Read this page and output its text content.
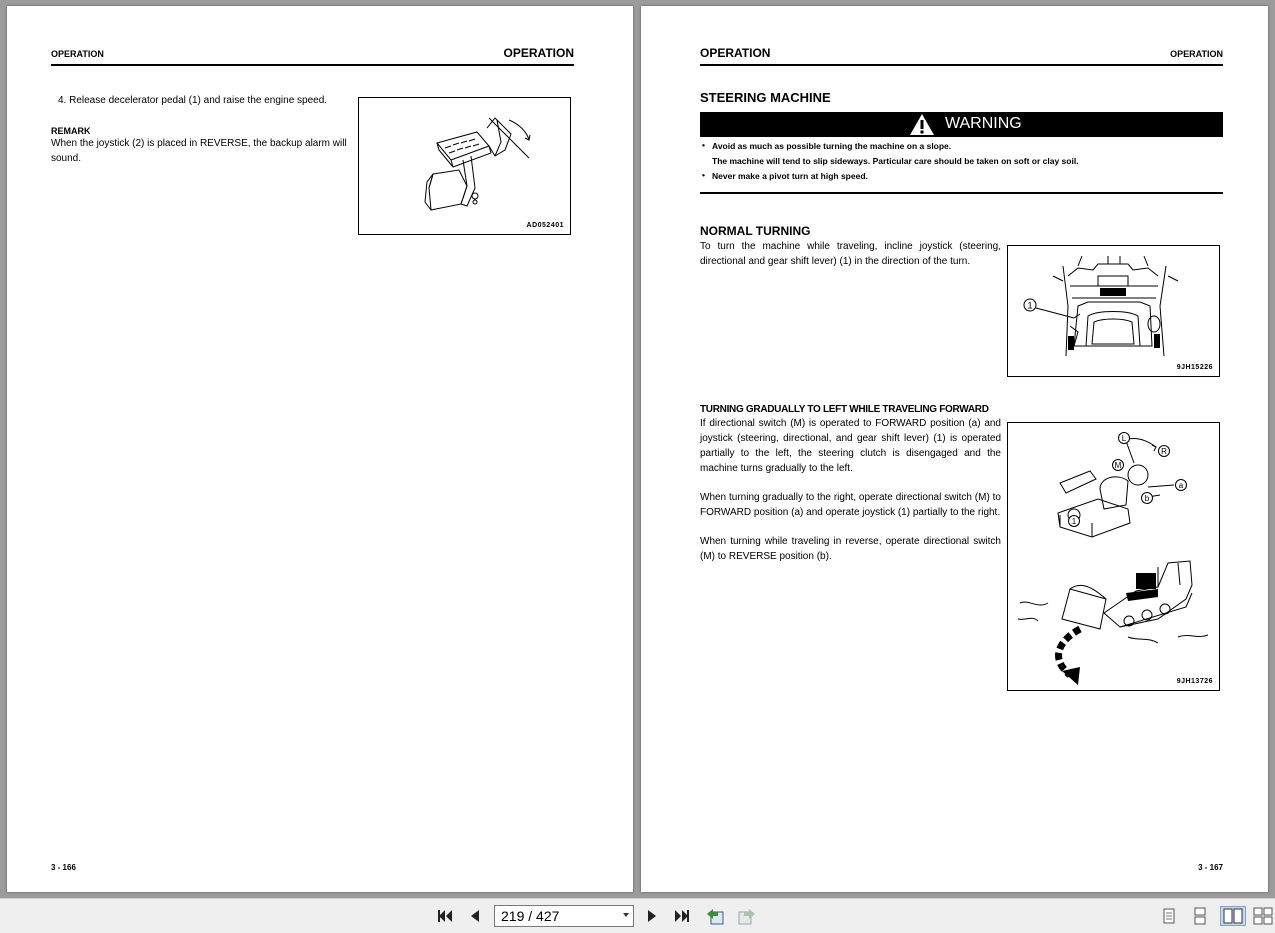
OPERATION	OPERATION
4. Release decelerator pedal (1) and raise the engine speed.
REMARK
When the joystick (2) is placed in REVERSE, the backup alarm will sound.
AD052401
3 - 166
OPERATION	OPERATION
STEERING MACHINE
WARNING
• Avoid as much as possible turning the machine on a slope.
The machine will tend to slip sideways. Particular care should be taken on soft or clay soil.
• Never make a pivot turn at high speed.
NORMAL TURNING
To turn the machine while traveling, incline joystick (steering, directional and gear shift lever) (1) in the direction of the turn.
1
9JH15226
TURNING GRADUALLY TO LEFT WHILE TRAVELING FORWARD
If directional switch (M) is operated to FORWARD position (a) and joystick (steering, directional, and gear shift lever) (1) is operated partially to the left, the steering clutch is disengaged and the machine turns gradually to the left.
When turning gradually to the right, operate directional switch (M) to FORWARD position (a) and operate joystick (1) partially to the right.
When turning while traveling in reverse, operate directional switch (M) to REVERSE position (b).
L
R
M
a
b
1
9JH13726
3 - 167
219 / 427
